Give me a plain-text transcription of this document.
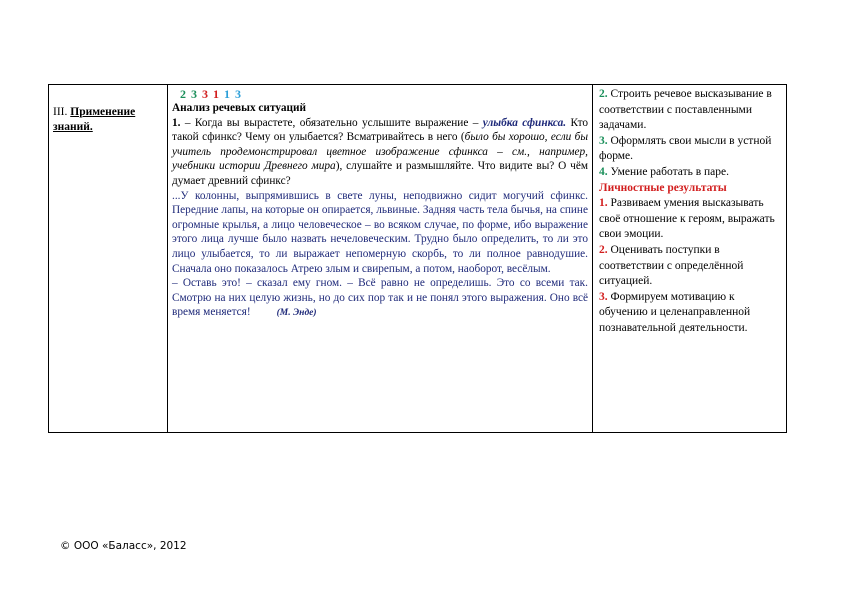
III. Применение знаний.

2 3 3 1 1 3

Анализ речевых ситуаций

1. – Когда вы вырастете, обязательно услышите выражение – улыбка сфинкса. Кто такой сфинкс? Чему он улыбается? Всматривайтесь в него (было бы хорошо, если бы учитель продемонстрировал цветное изображение сфинкса – см., например, учебники истории Древнего мира), слушайте и размышляйте. Что видите вы? О чём думает древний сфинкс?

...У колонны, выпрямившись в свете луны, неподвижно сидит могучий сфинкс. Передние лапы, на которые он опирается, львиные. Задняя часть тела бычья, на спине огромные крылья, а лицо человеческое – во всяком случае, по форме, ибо выражение этого лица лучше было назвать нечеловеческим. Трудно было определить, то ли это лицо улыбается, то ли выражает непомерную скорбь, то ли полное равнодушие. Сначала оно показалось Атрею злым и свирепым, а потом, наоборот, весёлым.

– Оставь это! – сказал ему гном. – Всё равно не определишь. Это со всеми так. Смотрю на них целую жизнь, но до сих пор так и не понял этого выражения. Оно всё время меняется!	(М. Энде)

2. Строить речевое высказывание в соответствии с поставленными задачами.

3. Оформлять свои мысли в устной форме.

4. Умение работать в паре.

Личностные результаты

1. Развиваем умения высказывать своё отношение к героям, выражать свои эмоции.

2. Оценивать поступки в соответствии с определённой ситуацией.

3. Формируем мотивацию к обучению и целенаправленной познавательной деятельности.

© ООО «Баласс», 2012
